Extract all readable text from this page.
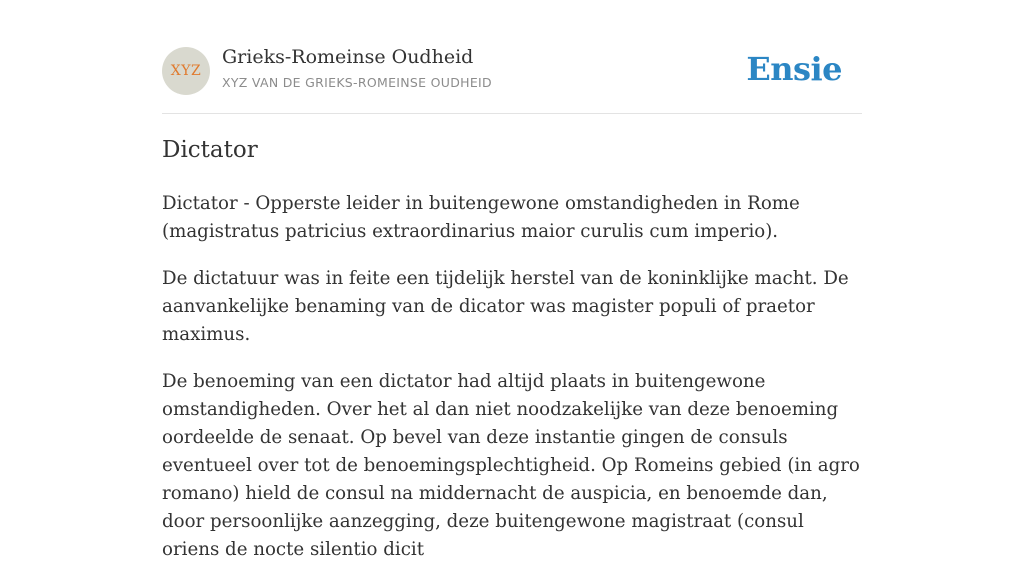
XYZ
Grieks-Romeinse Oudheid
XYZ VAN DE GRIEKS-ROMEINSE OUDHEID	Ensie
Dictator

Dictator - Opperste leider in buitengewone omstandigheden in Rome (magistratus patricius extraordinarius maior curulis cum imperio).

De dictatuur was in feite een tijdelijk herstel van de koninklijke macht. De aanvankelijke benaming van de dicator was magister populi of praetor maximus.

De benoeming van een dictator had altijd plaats in buitengewone omstandigheden. Over het al dan niet noodzakelijke van deze benoeming oordeelde de senaat. Op bevel van deze instantie gingen de consuls eventueel over tot de benoemingsplechtigheid. Op Romeins gebied (in agro romano) hield de consul na middernacht de auspicia, en benoemde dan, door persoonlijke aanzegging, deze buitengewone magistraat (consul oriens de nocte silentio dicit
